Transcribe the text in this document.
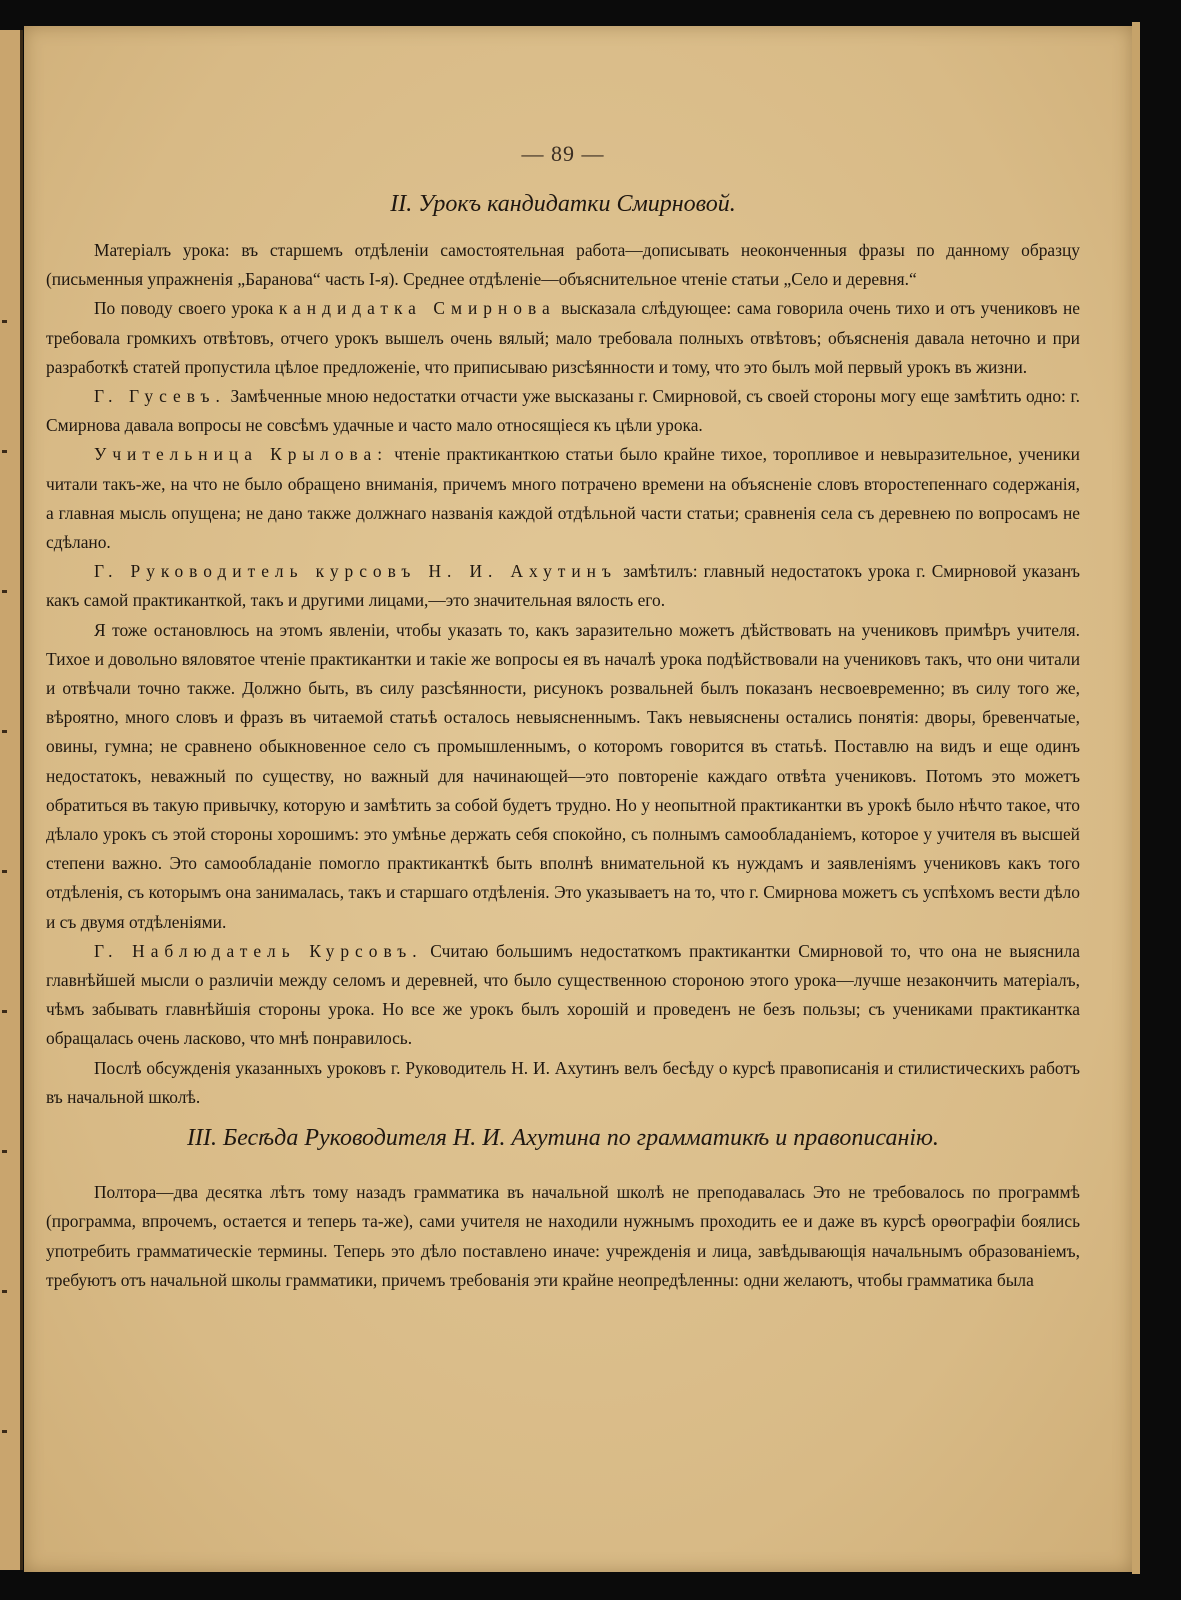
— 89 —
II. Урокъ кандидатки Смирновой.

Матеріалъ урока: въ старшемъ отдѣленіи самостоятельная работа—дописывать неоконченныя фразы по данному образцу (письменныя упражненія „Баранова“ часть I-я). Среднее отдѣленіе—объяснительное чтеніе статьи „Село и деревня.“

По поводу своего урока кандидатка Смирнова высказала слѣдующее: сама говорила очень тихо и отъ учениковъ не требовала громкихъ отвѣтовъ, отчего урокъ вышелъ очень вялый; мало требовала полныхъ отвѣтовъ; объясненія давала неточно и при разработкѣ статей пропустила цѣлое предложеніе, что приписываю ризсѣянности и тому, что это былъ мой первый урокъ въ жизни.

Г. Гусевъ. Замѣченные мною недостатки отчасти уже высказаны г. Смирновой, съ своей стороны могу еще замѣтить одно: г. Смирнова давала вопросы не совсѣмъ удачные и часто мало относящіеся къ цѣли урока.

Учительница Крылова: чтеніе практиканткою статьи было крайне тихое, торопливое и невыразительное, ученики читали такъ-же, на что не было обращено вниманія, причемъ много потрачено времени на объясненіе словъ второстепеннаго содержанія, а главная мысль опущена; не дано также должнаго названія каждой отдѣльной части статьи; сравненія села съ деревнею по вопросамъ не сдѣлано.

Г. Руководитель курсовъ Н. И. Ахутинъ замѣтилъ: главный недостатокъ урока г. Смирновой указанъ какъ самой практиканткой, такъ и другими лицами,—это значительная вялость его.

Я тоже остановлюсь на этомъ явленіи, чтобы указать то, какъ заразительно можетъ дѣйствовать на учениковъ примѣръ учителя. Тихое и довольно вяловятое чтеніе практикантки и такіе же вопросы ея въ началѣ урока подѣйствовали на учениковъ такъ, что они читали и отвѣчали точно также. Должно быть, въ силу разсѣянности, рисунокъ розвальней былъ показанъ несвоевременно; въ силу того же, вѣроятно, много словъ и фразъ въ читаемой статьѣ осталось невыясненнымъ. Такъ невыяснены остались понятія: дворы, бревенчатые, овины, гумна; не сравнено обыкновенное село съ промышленнымъ, о которомъ говорится въ статьѣ. Поставлю на видъ и еще одинъ недостатокъ, неважный по существу, но важный для начинающей—это повтореніе каждаго отвѣта учениковъ. Потомъ это можетъ обратиться въ такую привычку, которую и замѣтить за собой будетъ трудно. Но у неопытной практикантки въ урокѣ было нѣчто такое, что дѣлало урокъ съ этой стороны хорошимъ: это умѣнье держать себя спокойно, съ полнымъ самообладаніемъ, которое у учителя въ высшей степени важно. Это самообладаніе помогло практиканткѣ быть вполнѣ внимательной къ нуждамъ и заявленіямъ учениковъ какъ того отдѣленія, съ которымъ она занималась, такъ и старшаго отдѣленія. Это указываетъ на то, что г. Смирнова можетъ съ успѣхомъ вести дѣло и съ двумя отдѣленіями.

Г. Наблюдатель Курсовъ. Считаю большимъ недостаткомъ практикантки Смирновой то, что она не выяснила главнѣйшей мысли о различіи между селомъ и деревней, что было существенною стороною этого урока—лучше незакончить матеріалъ, чѣмъ забывать главнѣйшія стороны урока. Но все же урокъ былъ хорошій и проведенъ не безъ пользы; съ учениками практикантка обращалась очень ласково, что мнѣ понравилось.

Послѣ обсужденія указанныхъ уроковъ г. Руководитель Н. И. Ахутинъ велъ бесѣду о курсѣ правописанія и стилистическихъ работъ въ начальной школѣ.

III. Бесѣда Руководителя Н. И. Ахутина по грамматикѣ и правописанію.

Полтора—два десятка лѣтъ тому назадъ грамматика въ начальной школѣ не преподавалась Это не требовалось по программѣ (программа, впрочемъ, остается и теперь та-же), сами учителя не находили нужнымъ проходить ее и даже въ курсѣ орѳографіи боялись употребить грамматическіе термины. Теперь это дѣло поставлено иначе: учрежденія и лица, завѣдывающія начальнымъ образованіемъ, требуютъ отъ начальной школы грамматики, причемъ требованія эти крайне неопредѣленны: одни желаютъ, чтобы грамматика была
